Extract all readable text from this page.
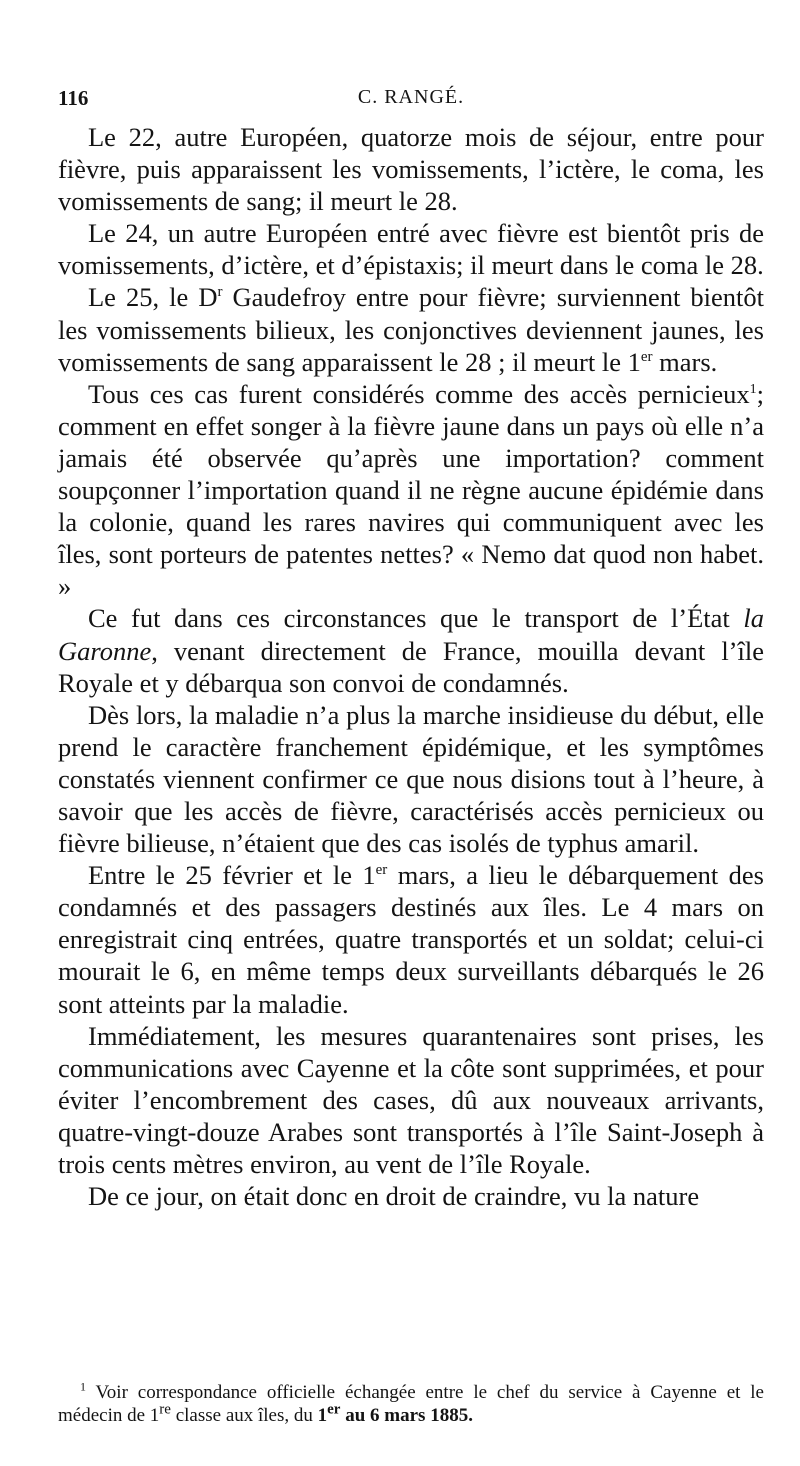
116	C. RANGÉ.

Le 22, autre Européen, quatorze mois de séjour, entre pour fièvre, puis apparaissent les vomissements, l’ictère, le coma, les vomissements de sang; il meurt le 28.

Le 24, un autre Européen entré avec fièvre est bientôt pris de vomissements, d’ictère, et d’épistaxis; il meurt dans le coma le 28.

Le 25, le $D^r$ Gaudefroy entre pour fièvre; surviennent bientôt les vomissements bilieux, les conjonctives deviennent jaunes, les vomissements de sang apparaissent le 28 ; il meurt le 1er mars.

Tous ces cas furent considérés comme des accès pernicieux$^1$; comment en effet songer à la fièvre jaune dans un pays où elle n’a jamais été observée qu’après une importation? comment soupçonner l’importation quand il ne règne aucune épidémie dans la colonie, quand les rares navires qui communiquent avec les îles, sont porteurs de patentes nettes? « Nemo dat quod non habet. »

Ce fut dans ces circonstances que le transport de l’État la Garonne, venant directement de France, mouilla devant l’île Royale et y débarqua son convoi de condamnés.

Dès lors, la maladie n’a plus la marche insidieuse du début, elle prend le caractère franchement épidémique, et les symptômes constatés viennent confirmer ce que nous disions tout à l’heure, à savoir que les accès de fièvre, caractérisés accès pernicieux ou fièvre bilieuse, n’étaient que des cas isolés de typhus amaril.

Entre le 25 février et le 1er mars, a lieu le débarquement des condamnés et des passagers destinés aux îles. Le 4 mars on enregistrait cinq entrées, quatre transportés et un soldat; celui-ci mourait le 6, en même temps deux surveillants débarqués le 26 sont atteints par la maladie.

Immédiatement, les mesures quarantenaires sont prises, les communications avec Cayenne et la côte sont supprimées, et pour éviter l’encombrement des cases, dû aux nouveaux arrivants, quatre-vingt-douze Arabes sont transportés à l’île Saint-Joseph à trois cents mètres environ, au vent de l’île Royale.

De ce jour, on était donc en droit de craindre, vu la nature

$^1$ Voir correspondance officielle échangée entre le chef du service à Cayenne et le médecin de 1re classe aux îles, du 1er au 6 mars 1885.
